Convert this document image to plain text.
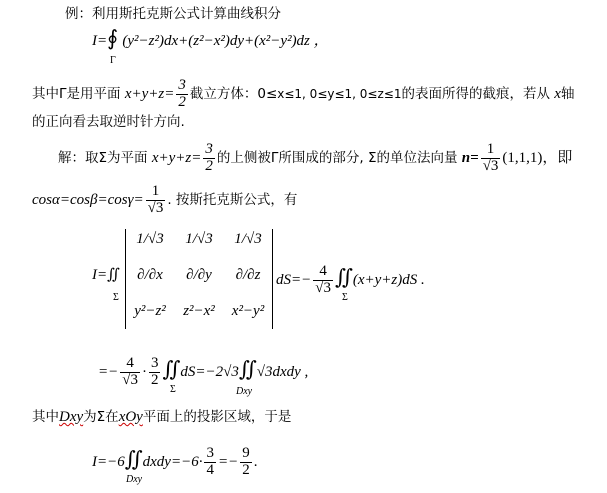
例：利用斯托克斯公式计算曲线积分
I=∮ (y²−z²)dx+(z²−x²)dy+(x²−y²)dz ，
Γ
其中Γ是用平面 $x+y+z= \frac{3}{2}$ 截立方体：0≤x≤1, 0≤y≤1, 0≤z≤1的表面所得的截痕，若从 x轴
的正向看去取逆时针方向.
解：取Σ为平面 $x+y+z= \frac{3}{2}$ 的上侧被Γ所围成的部分, Σ的单位法向量 $n= \frac{1}{√3} (1,1,1)$，即
$\cos\alpha=\cos\beta=\cos\gamma= \frac{1}{√3}$ . 按斯托克斯公式，有
I=∬
Σ
1/√3	1/√3	1/√3
∂/∂x	∂/∂y	∂/∂z
y²−z²	z²−x²	x²−y²
$dS=- \frac{4}{√3}$ ∬(x+y+z)dS .
Σ
=− $\frac{4}{√3} \cdot \frac{3}{2}$ ∬dS=−2√3∬√3dxdy ,
Σ	Dxy
其中Dxy为Σ在xOy平面上的投影区域，于是
I=−6∬dxdy=−6· $\frac{3}{4} =- \frac{9}{2}$ .
Dxy
